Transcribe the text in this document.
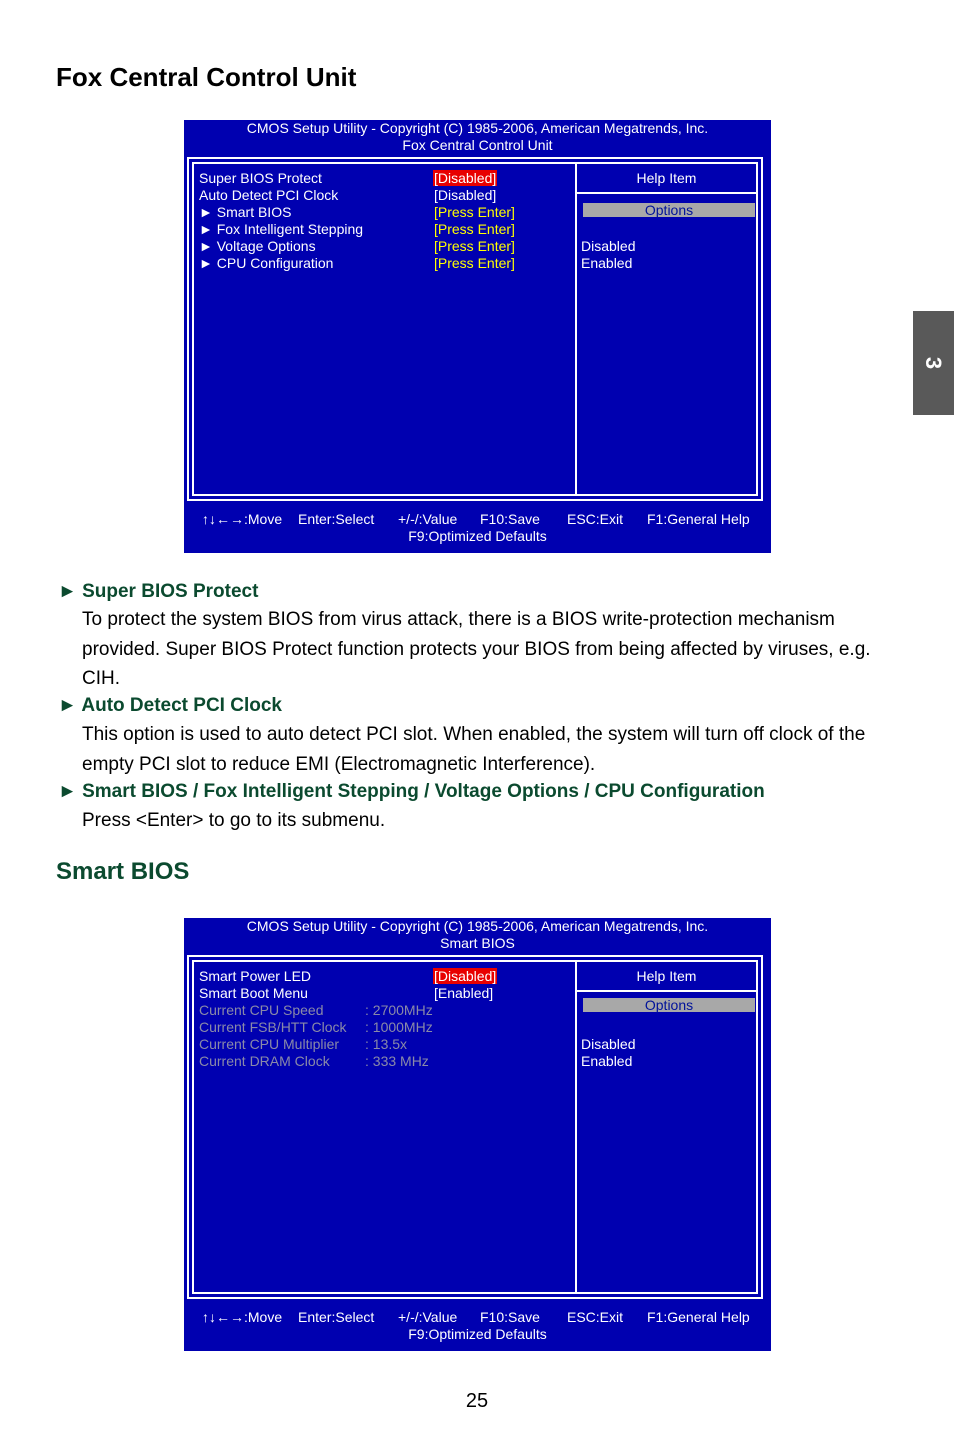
Fox Central Control Unit
3
CMOS Setup Utility - Copyright (C) 1985-2006, American Megatrends, Inc.
Fox Central Control Unit
Super BIOS Protect	[Disabled]
Auto Detect PCI Clock	[Disabled]
► Smart BIOS	[Press Enter]
► Fox Intelligent Stepping	[Press Enter]
► Voltage Options	[Press Enter]
► CPU Configuration	[Press Enter]
Help Item
Options
Disabled
Enabled
↑↓←→:Move Enter:Select +/-/:Value F10:Save ESC:Exit F1:General Help
F9:Optimized Defaults
► Super BIOS Protect
To protect the system BIOS from virus attack, there is a BIOS write-protection mechanism provided. Super BIOS Protect function protects your BIOS from being affected by viruses, e.g. CIH.
► Auto Detect PCI Clock
This option is used to auto detect PCI slot. When enabled, the system will turn off clock of the empty PCI slot to reduce EMI (Electromagnetic Interference).
► Smart BIOS / Fox Intelligent Stepping / Voltage Options / CPU Configuration
Press <Enter> to go to its submenu.
Smart BIOS
CMOS Setup Utility - Copyright (C) 1985-2006, American Megatrends, Inc.
Smart BIOS
Smart Power LED	[Disabled]
Smart Boot Menu	[Enabled]
Current CPU Speed	: 2700MHz
Current FSB/HTT Clock : 1000MHz
Current CPU Multiplier : 13.5x
Current DRAM Clock	: 333 MHz
Help Item
Options
Disabled
Enabled
↑↓←→:Move Enter:Select +/-/:Value F10:Save ESC:Exit F1:General Help
F9:Optimized Defaults
25
